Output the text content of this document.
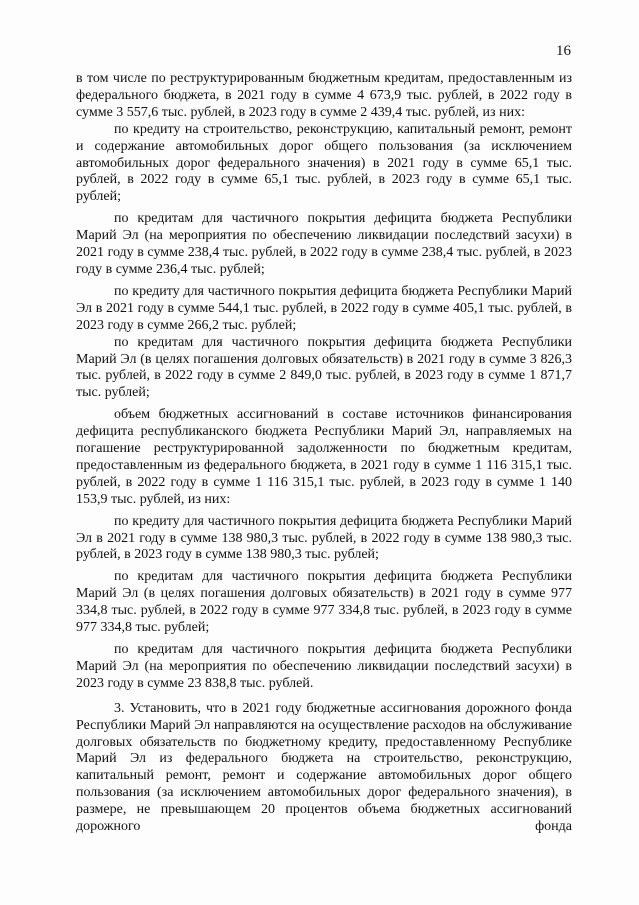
16

в том числе по реструктурированным бюджетным кредитам, предоставленным из федерального бюджета, в 2021 году в сумме 4 673,9 тыс. рублей, в 2022 году в сумме 3 557,6 тыс. рублей, в 2023 году в сумме 2 439,4 тыс. рублей, из них:

по кредиту на строительство, реконструкцию, капитальный ремонт, ремонт и содержание автомобильных дорог общего пользования (за исключением автомобильных дорог федерального значения) в 2021 году в сумме 65,1 тыс. рублей, в 2022 году в сумме 65,1 тыс. рублей, в 2023 году в сумме 65,1 тыс. рублей;

по кредитам для частичного покрытия дефицита бюджета Республики Марий Эл (на мероприятия по обеспечению ликвидации последствий засухи) в 2021 году в сумме 238,4 тыс. рублей, в 2022 году в сумме 238,4 тыс. рублей, в 2023 году в сумме 236,4 тыс. рублей;

по кредиту для частичного покрытия дефицита бюджета Республики Марий Эл в 2021 году в сумме 544,1 тыс. рублей, в 2022 году в сумме 405,1 тыс. рублей, в 2023 году в сумме 266,2 тыс. рублей;

по кредитам для частичного покрытия дефицита бюджета Республики Марий Эл (в целях погашения долговых обязательств) в 2021 году в сумме 3 826,3 тыс. рублей, в 2022 году в сумме 2 849,0 тыс. рублей, в 2023 году в сумме 1 871,7 тыс. рублей;

объем бюджетных ассигнований в составе источников финансирования дефицита республиканского бюджета Республики Марий Эл, направляемых на погашение реструктурированной задолженности по бюджетным кредитам, предоставленным из федерального бюджета, в 2021 году в сумме 1 116 315,1 тыс. рублей, в 2022 году в сумме 1 116 315,1 тыс. рублей, в 2023 году в сумме 1 140 153,9 тыс. рублей, из них:

по кредиту для частичного покрытия дефицита бюджета Республики Марий Эл в 2021 году в сумме 138 980,3 тыс. рублей, в 2022 году в сумме 138 980,3 тыс. рублей, в 2023 году в сумме 138 980,3 тыс. рублей;

по кредитам для частичного покрытия дефицита бюджета Республики Марий Эл (в целях погашения долговых обязательств) в 2021 году в сумме 977 334,8 тыс. рублей, в 2022 году в сумме 977 334,8 тыс. рублей, в 2023 году в сумме 977 334,8 тыс. рублей;

по кредитам для частичного покрытия дефицита бюджета Республики Марий Эл (на мероприятия по обеспечению ликвидации последствий засухи) в 2023 году в сумме 23 838,8 тыс. рублей.

3. Установить, что в 2021 году бюджетные ассигнования дорожного фонда Республики Марий Эл направляются на осуществление расходов на обслуживание долговых обязательств по бюджетному кредиту, предоставленному Республике Марий Эл из федерального бюджета на строительство, реконструкцию, капитальный ремонт, ремонт и содержание автомобильных дорог общего пользования (за исключением автомобильных дорог федерального значения), в размере, не превышающем 20 процентов объема бюджетных ассигнований дорожного фонда
